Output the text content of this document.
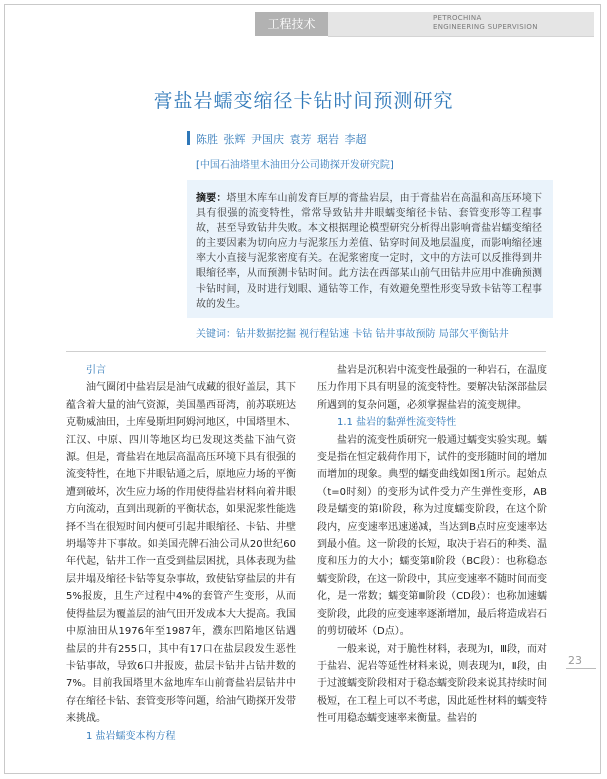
工程技术	PETROCHINA
ENGINEERING SUPERVISION
膏盐岩蠕变缩径卡钻时间预测研究
陈胜 张辉 尹国庆 袁芳 琚岩 李超
[中国石油塔里木油田分公司勘探开发研究院]
摘要：塔里木库车山前发育巨厚的膏盐岩层，由于膏盐岩在高温和高压环境下具有很强的流变特性，常常导致钻井井眼蠕变缩径卡钻、套管变形等工程事故，甚至导致钻井失败。本文根据理论模型研究分析得出影响膏盐岩蠕变缩径的主要因素为切向应力与泥浆压力差值、钻穿时间及地层温度，而影响缩径速率大小直接与泥浆密度有关。在泥浆密度一定时，文中的方法可以反推得到井眼缩径率，从而预测卡钻时间。此方法在西部某山前气田钻井应用中准确预测卡钻时间，及时进行划眼、通钻等工作，有效避免塑性形变导致卡钻等工程事故的发生。
关键词：钻井数据挖掘 视行程钻速 卡钻 钻井事故预防 局部欠平衡钻井

引言

油气圈闭中盐岩层是油气成藏的很好盖层，其下蕴含着大量的油气资源，美国墨西哥湾，前苏联班达克勒威油田，土库曼斯坦阿姆河地区，中国塔里木、江汉、中原、四川等地区均已发现这类盐下油气资源。但是，膏盐岩在地层高温高压环境下具有很强的流变特性，在地下井眼钻通之后，原地应力场的平衡遭到破坏，次生应力场的作用使得盐岩材料向着井眼方向流动，直到出现新的平衡状态，如果泥浆性能选择不当在很短时间内便可引起井眼缩径、卡钻、井壁坍塌等井下事故。如美国壳牌石油公司从20世纪60年代起，钻井工作一直受到盐层困扰，具体表现为盐层井塌及缩径卡钻等复杂事故，致使钻穿盐层的井有5%报废，且生产过程中4%的套管产生变形，从而使得盐层为覆盖层的油气田开发成本大大提高。我国中原油田从1976年至1987年，濮东凹陷地区钻遇盐层的井有255口，其中有17口在盐层段发生恶性卡钻事故，导致6口井报废，盐层卡钻井占钻井数的7%。目前我国塔里木盆地库车山前膏盐岩层钻井中存在缩径卡钻、套管变形等问题，给油气勘探开发带来挑战。

1 盐岩蠕变本构方程

盐岩是沉积岩中流变性最强的一种岩石，在温度压力作用下具有明显的流变特性。要解决钻深部盐层所遇到的复杂问题，必须掌握盐岩的流变规律。

1.1 盐岩的黏弹性流变特性

盐岩的流变性质研究一般通过蠕变实验实现。蠕变是指在恒定载荷作用下，试件的变形随时间的增加而增加的现象。典型的蠕变曲线如图1所示。起始点（t=0时刻）的变形为试件受力产生弹性变形，AB段是蠕变的第Ⅰ阶段，称为过度蠕变阶段，在这个阶段内，应变速率迅速递减，当达到B点时应变速率达到最小值。这一阶段的长短，取决于岩石的种类、温度和压力的大小；蠕变第Ⅱ阶段（BC段）：也称稳态蠕变阶段，在这一阶段中，其应变速率不随时间而变化，是一常数；蠕变第Ⅲ阶段（CD段）：也称加速蠕变阶段，此段的应变速率逐渐增加，最后将造成岩石的剪切破坏（D点）。

一般来说，对于脆性材料，表现为Ⅰ，Ⅲ段，而对于盐岩、泥岩等延性材料来说，则表现为Ⅰ，Ⅱ段，由于过渡蠕变阶段相对于稳态蠕变阶段来说其持续时间极短，在工程上可以不考虑，因此延性材料的蠕变特性可用稳态蠕变速率来衡量。盐岩的

23
